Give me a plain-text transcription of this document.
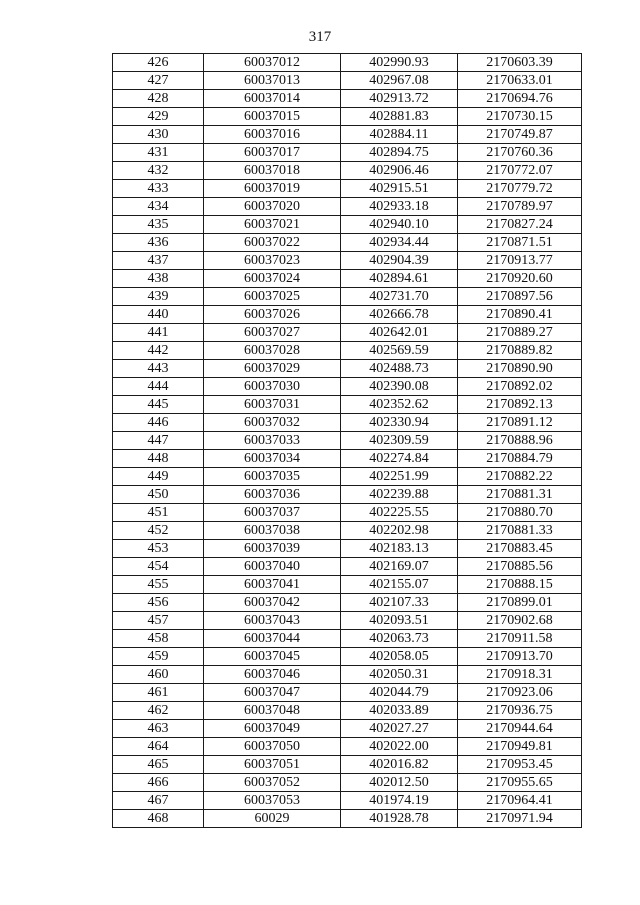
317
426	60037012	402990.93	2170603.39
427	60037013	402967.08	2170633.01
428	60037014	402913.72	2170694.76
429	60037015	402881.83	2170730.15
430	60037016	402884.11	2170749.87
431	60037017	402894.75	2170760.36
432	60037018	402906.46	2170772.07
433	60037019	402915.51	2170779.72
434	60037020	402933.18	2170789.97
435	60037021	402940.10	2170827.24
436	60037022	402934.44	2170871.51
437	60037023	402904.39	2170913.77
438	60037024	402894.61	2170920.60
439	60037025	402731.70	2170897.56
440	60037026	402666.78	2170890.41
441	60037027	402642.01	2170889.27
442	60037028	402569.59	2170889.82
443	60037029	402488.73	2170890.90
444	60037030	402390.08	2170892.02
445	60037031	402352.62	2170892.13
446	60037032	402330.94	2170891.12
447	60037033	402309.59	2170888.96
448	60037034	402274.84	2170884.79
449	60037035	402251.99	2170882.22
450	60037036	402239.88	2170881.31
451	60037037	402225.55	2170880.70
452	60037038	402202.98	2170881.33
453	60037039	402183.13	2170883.45
454	60037040	402169.07	2170885.56
455	60037041	402155.07	2170888.15
456	60037042	402107.33	2170899.01
457	60037043	402093.51	2170902.68
458	60037044	402063.73	2170911.58
459	60037045	402058.05	2170913.70
460	60037046	402050.31	2170918.31
461	60037047	402044.79	2170923.06
462	60037048	402033.89	2170936.75
463	60037049	402027.27	2170944.64
464	60037050	402022.00	2170949.81
465	60037051	402016.82	2170953.45
466	60037052	402012.50	2170955.65
467	60037053	401974.19	2170964.41
468	60029	401928.78	2170971.94
